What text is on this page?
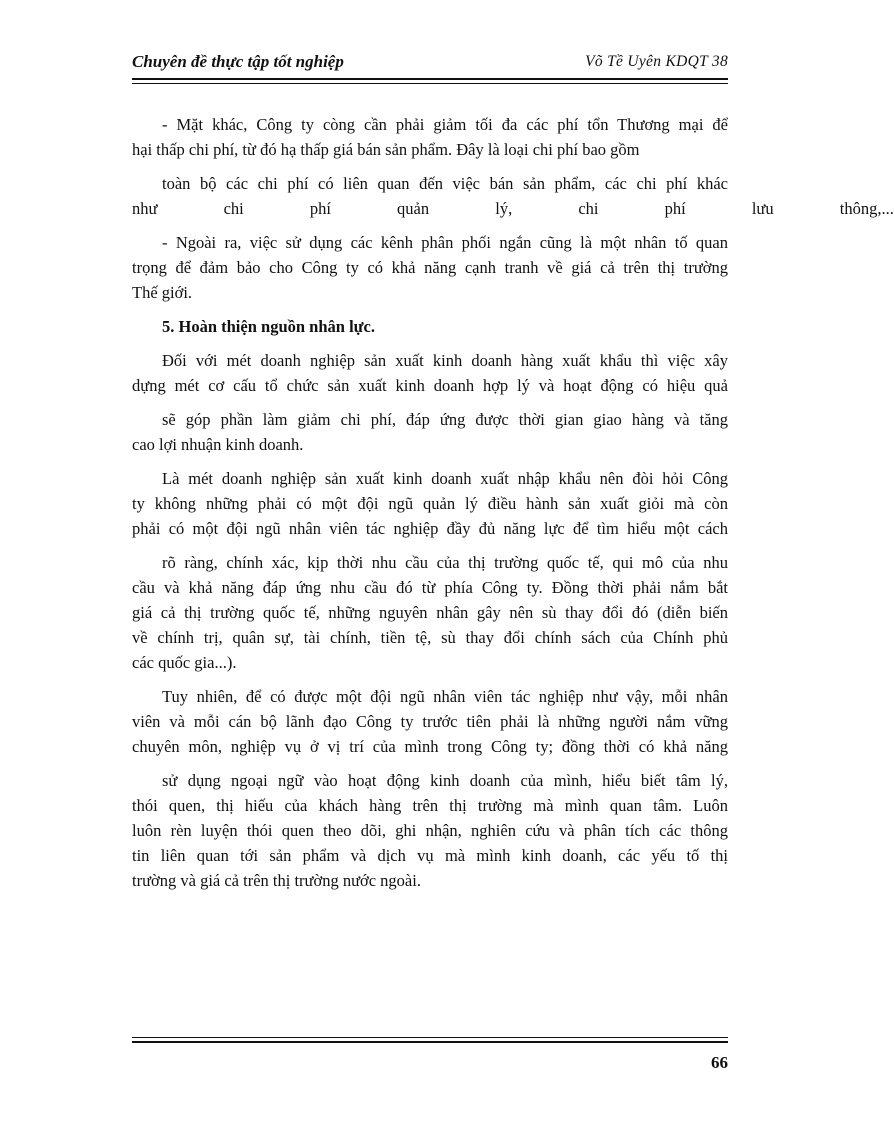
Chuyên đề thực tập tốt nghiệp	Võ Tề Uyên KDQT 38
- Mặt khác, Công ty còng cần phải giảm tối đa các phí tổn Thương mại để
hại thấp chi phí, từ đó hạ thấp giá bán sản phẩm. Đây là loại chi phí bao gồm
toàn bộ các chi phí có liên quan đến việc bán sản phẩm, các chi phí khác
như chi phí quản lý, chi phí lưu thông,...
- Ngoài ra, việc sử dụng các kênh phân phối ngắn cũng là một nhân tố quan
trọng để đảm bảo cho Công ty có khả năng cạnh tranh về giá cả trên thị trường
Thế giới.
5. Hoàn thiện nguồn nhân lực.
Đối với mét doanh nghiệp sản xuất kinh doanh hàng xuất khẩu thì việc xây
dựng mét cơ cấu tổ chức sản xuất kinh doanh hợp lý và hoạt động có hiệu quả
sẽ góp phần làm giảm chi phí, đáp ứng được thời gian giao hàng và tăng
cao lợi nhuận kinh doanh.
Là mét doanh nghiệp sản xuất kinh doanh xuất nhập khẩu nên đòi hỏi Công
ty không những phải có một đội ngũ quản lý điều hành sản xuất giỏi mà còn
phải có một đội ngũ nhân viên tác nghiệp đầy đủ năng lực để tìm hiểu một cách
rõ ràng, chính xác, kịp thời nhu cầu của thị trường quốc tế, qui mô của nhu
cầu và khả năng đáp ứng nhu cầu đó từ phía Công ty. Đồng thời phải nắm bắt
giá cả thị trường quốc tế, những nguyên nhân gây nên sù thay đổi đó (diễn biến
về chính trị, quân sự, tài chính, tiền tệ, sù thay đổi chính sách của Chính phủ
các quốc gia...).
Tuy nhiên, để có được một đội ngũ nhân viên tác nghiệp như vậy, mỗi nhân
viên và mỗi cán bộ lãnh đạo Công ty trước tiên phải là những người nắm vững
chuyên môn, nghiệp vụ ở vị trí của mình trong Công ty; đồng thời có khả năng
sử dụng ngoại ngữ vào hoạt động kinh doanh của mình, hiểu biết tâm lý,
thói quen, thị hiếu của khách hàng trên thị trường mà mình quan tâm. Luôn
luôn rèn luyện thói quen theo dõi, ghi nhận, nghiên cứu và phân tích các thông
tin liên quan tới sản phẩm và dịch vụ mà mình kinh doanh, các yếu tố thị
trường và giá cả trên thị trường nước ngoài.
66
